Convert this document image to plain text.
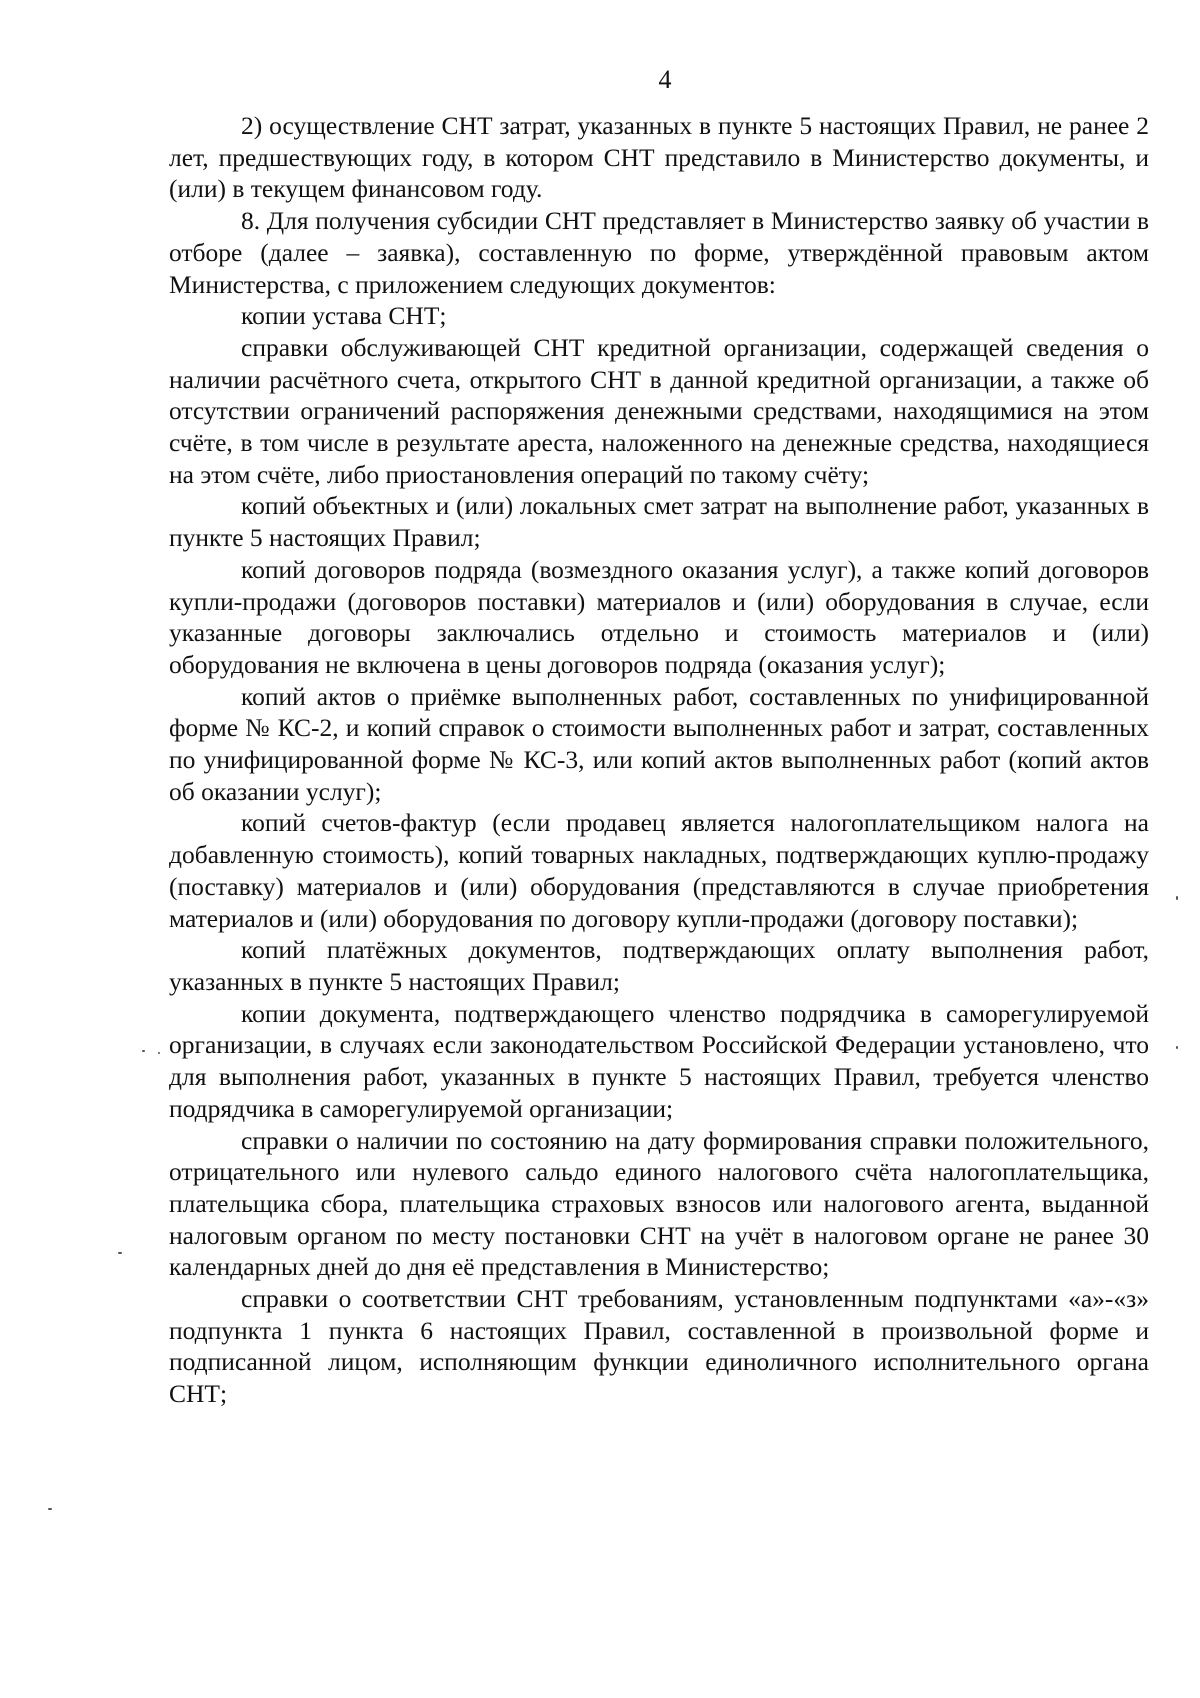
4

2) осуществление СНТ затрат, указанных в пункте 5 настоящих Правил, не ранее 2 лет, предшествующих году, в котором СНТ представило в Министерство документы, и (или) в текущем финансовом году.

8. Для получения субсидии СНТ представляет в Министерство заявку об участии в отборе (далее – заявка), составленную по форме, утверждённой правовым актом Министерства, с приложением следующих документов:

копии устава СНТ;

справки обслуживающей СНТ кредитной организации, содержащей сведения о наличии расчётного счета, открытого СНТ в данной кредитной организации, а также об отсутствии ограничений распоряжения денежными средствами, находящимися на этом счёте, в том числе в результате ареста, наложенного на денежные средства, находящиеся на этом счёте, либо приостановления операций по такому счёту;

копий объектных и (или) локальных смет затрат на выполнение работ, указанных в пункте 5 настоящих Правил;

копий договоров подряда (возмездного оказания услуг), а также копий договоров купли-продажи (договоров поставки) материалов и (или) оборудования в случае, если указанные договоры заключались отдельно и стоимость материалов и (или) оборудования не включена в цены договоров подряда (оказания услуг);

копий актов о приёмке выполненных работ, составленных по унифицированной форме № КС-2, и копий справок о стоимости выполненных работ и затрат, составленных по унифицированной форме № КС-3, или копий актов выполненных работ (копий актов об оказании услуг);

копий счетов-фактур (если продавец является налогоплательщиком налога на добавленную стоимость), копий товарных накладных, подтверждающих куплю-продажу (поставку) материалов и (или) оборудования (представляются в случае приобретения материалов и (или) оборудования по договору купли-продажи (договору поставки);

копий платёжных документов, подтверждающих оплату выполнения работ, указанных в пункте 5 настоящих Правил;

копии документа, подтверждающего членство подрядчика в саморегулируемой организации, в случаях если законодательством Российской Федерации установлено, что для выполнения работ, указанных в пункте 5 настоящих Правил, требуется членство подрядчика в саморегулируемой организации;

справки о наличии по состоянию на дату формирования справки положительного, отрицательного или нулевого сальдо единого налогового счёта налогоплательщика, плательщика сбора, плательщика страховых взносов или налогового агента, выданной налоговым органом по месту постановки СНТ на учёт в налоговом органе не ранее 30 календарных дней до дня её представления в Министерство;

справки о соответствии СНТ требованиям, установленным подпунктами «а»-«з» подпункта 1 пункта 6 настоящих Правил, составленной в произвольной форме и подписанной лицом, исполняющим функции единоличного исполнительного органа СНТ;
